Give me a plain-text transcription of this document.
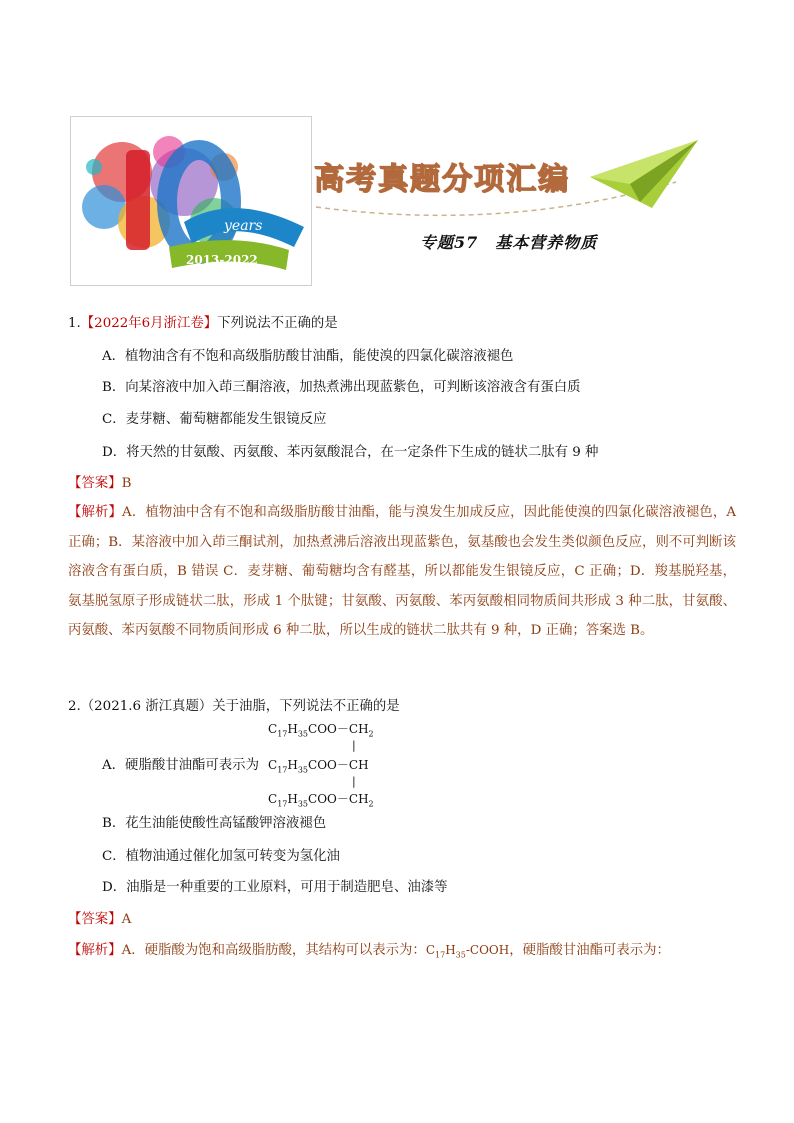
years
2013-2022
高考真题分项汇编
专题57　基本营养物质
1.【2022年6月浙江卷】下列说法不正确的是
A．植物油含有不饱和高级脂肪酸甘油酯，能使溴的四氯化碳溶液褪色
B．向某溶液中加入茚三酮溶液，加热煮沸出现蓝紫色，可判断该溶液含有蛋白质
C．麦芽糖、葡萄糖都能发生银镜反应
D．将天然的甘氨酸、丙氨酸、苯丙氨酸混合，在一定条件下生成的链状二肽有 9 种
【答案】B
【解析】A．植物油中含有不饱和高级脂肪酸甘油酯，能与溴发生加成反应，因此能使溴的四氯化碳溶液褪色，A 正确；B．某溶液中加入茚三酮试剂，加热煮沸后溶液出现蓝紫色，氨基酸也会发生类似颜色反应，则不可判断该溶液含有蛋白质，B 错误 C．麦芽糖、葡萄糖均含有醛基，所以都能发生银镜反应，C 正确；D．羧基脱羟基，氨基脱氢原子形成链状二肽，形成 1 个肽键；甘氨酸、丙氨酸、苯丙氨酸相同物质间共形成 3 种二肽，甘氨酸、丙氨酸、苯丙氨酸不同物质间形成 6 种二肽，所以生成的链状二肽共有 9 种，D 正确；答案选 B。
2.（2021.6 浙江真题）关于油脂，下列说法不正确的是
A．硬脂酸甘油酯可表示为
$C_{17}H_{35}COO-CH_2$
|
$C_{17}H_{35}COO-CH$
|
$C_{17}H_{35}COO-CH_2$
B．花生油能使酸性高锰酸钾溶液褪色
C．植物油通过催化加氢可转变为氢化油
D．油脂是一种重要的工业原料，可用于制造肥皂、油漆等
【答案】A
【解析】A．硬脂酸为饱和高级脂肪酸，其结构可以表示为：$C_{17}H_{35}$-COOH，硬脂酸甘油酯可表示为：
